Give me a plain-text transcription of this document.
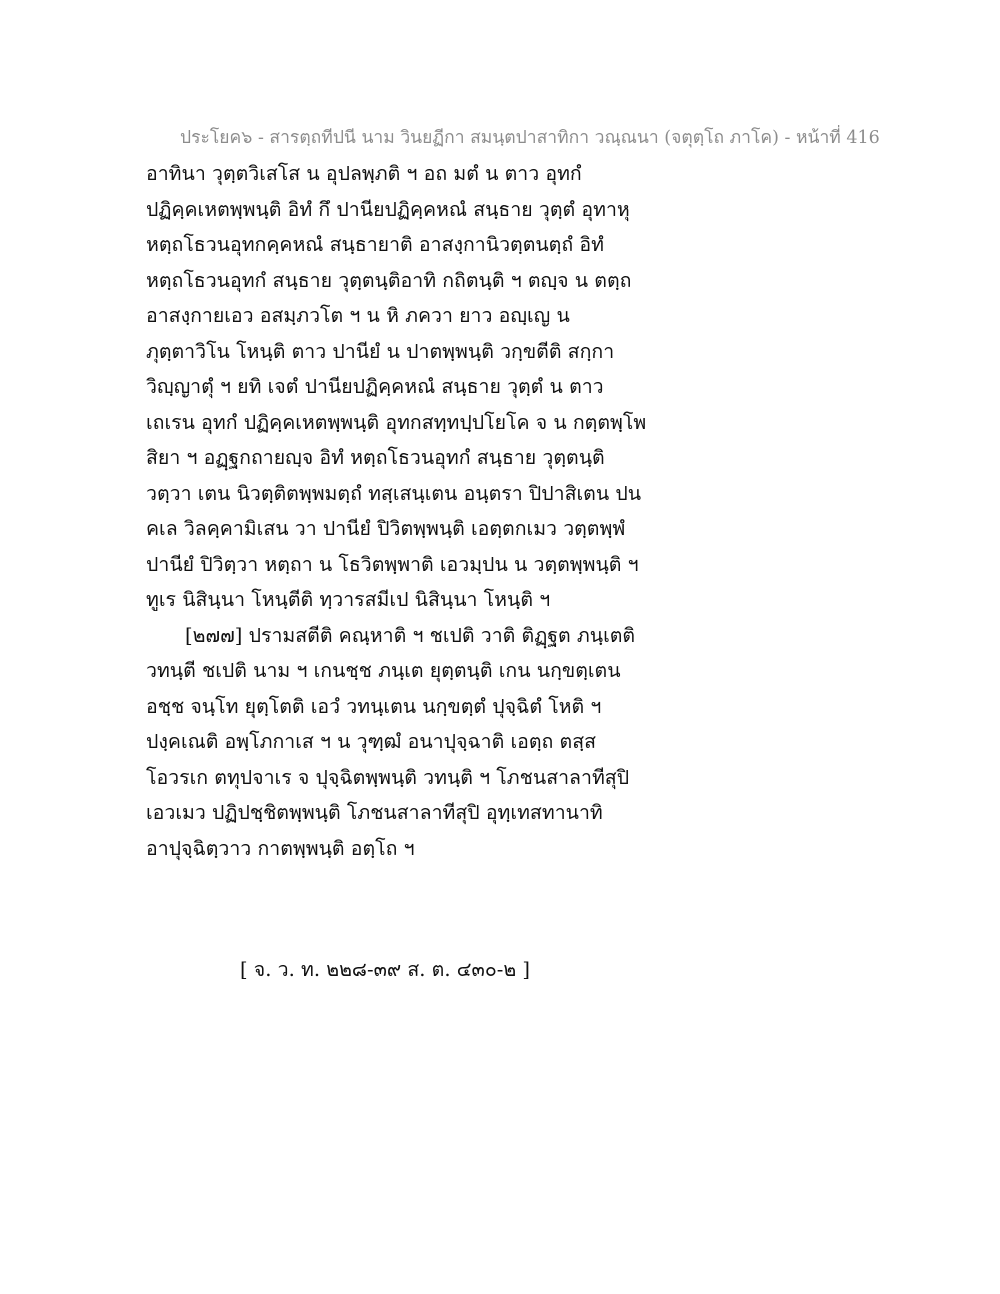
ประโยค๖ - สารตฺถทีปนี นาม วินยฏีกา สมนฺตปาสาทิกา วณฺณนา (จตุตฺโถ ภาโค) - หน้าที่ 416
อาทินา วุตฺตวิเสโส น อุปลพฺภติ ฯ อถ มตํ น ตาว อุทกํ
ปฏิคฺคเหตพฺพนฺติ อิทํ กึ ปานียปฏิคฺคหณํ สนฺธาย วุตฺตํ อุทาหุ
หตฺถโธวนอุทกคฺคหณํ สนฺธายาติ อาสงฺกานิวตฺตนตฺถํ อิทํ
หตฺถโธวนอุทกํ สนฺธาย วุตฺตนฺติอาทิ กถิตนฺติ ฯ ตญฺจ น ตตฺถ
อาสงฺกายเอว อสมฺภวโต ฯ น หิ ภควา ยาว อญฺเญ น
ภุตฺตาวิโน โหนฺติ ตาว ปานียํ น ปาตพฺพนฺติ วกฺขตีติ สกฺกา
วิญฺญาตุํ ฯ ยทิ เจตํ ปานียปฏิคฺคหณํ สนฺธาย วุตฺตํ น ตาว
เถเรน อุทกํ ปฏิคฺคเหตพฺพนฺติ อุทกสทฺทปฺปโยโค จ น กตฺตพฺโพ
สิยา ฯ อฏฺฐกถายญฺจ อิทํ หตฺถโธวนอุทกํ สนฺธาย วุตฺตนฺติ
วตฺวา เตน นิวตฺติตพฺพมตฺถํ ทสฺเสนฺเตน อนฺตรา ปิปาสิเตน ปน
คเล วิลคฺคามิเสน วา ปานียํ ปิวิตพฺพนฺติ เอตฺตกเมว วตฺตพฺพํ
ปานียํ ปิวิตฺวา หตฺถา น โธวิตพฺพาติ เอวมฺปน น วตฺตพฺพนฺติ ฯ
ทูเร นิสินฺนา โหนฺตีติ ทฺวารสมีเป นิสินฺนา โหนฺติ ฯ
[๒๗๗] ปรามสตีติ คณฺหาติ ฯ ชเปติ วาติ ติฏฺฐต ภนฺเตติ
วทนฺตี ชเปติ นาม ฯ เกนชฺช ภนฺเต ยุตฺตนฺติ เกน นกฺขตฺเตน
อชฺช จนฺโท ยุตฺโตติ เอวํ วทนฺเตน นกฺขตฺตํ ปุจฺฉิตํ โหติ ฯ
ปงฺคเณติ อพฺโภกาเส ฯ น วุฑฺฒํ อนาปุจฺฉาติ เอตฺถ ตสฺส
โอวรเก ตทุปจาเร จ ปุจฺฉิตพฺพนฺติ วทนฺติ ฯ โภชนสาลาทีสุปิ
เอวเมว ปฏิปชฺชิตพฺพนฺติ โภชนสาลาทีสุปิ อุทฺเทสทานาทิ
อาปุจฺฉิตฺวาว กาตพฺพนฺติ อตฺโถ ฯ
[ จ. ว. ท. ๒๒๘-๓๙ ส. ต. ๔๓๐-๒ ]
